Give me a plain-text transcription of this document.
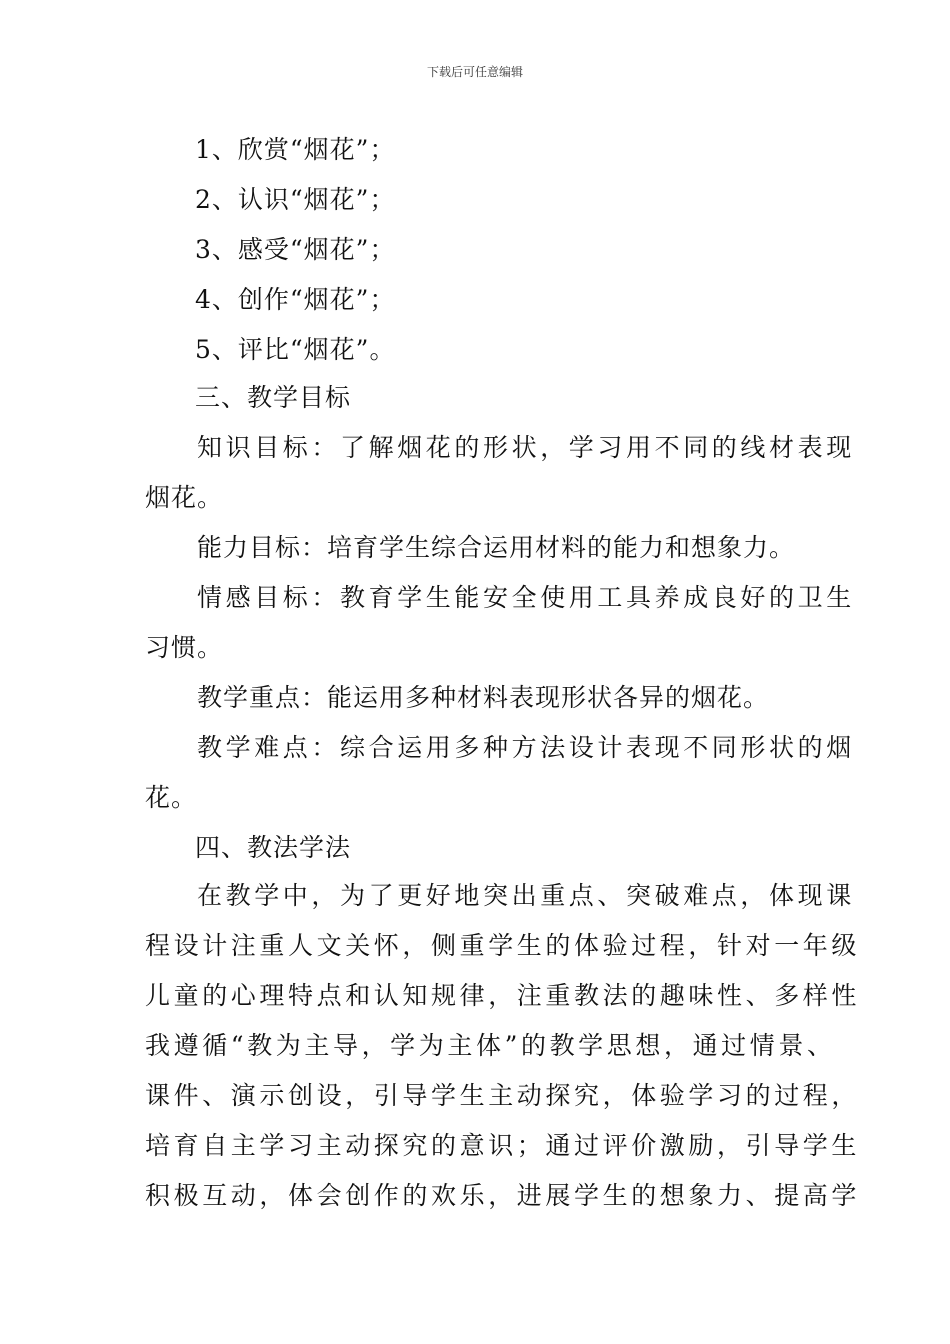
下载后可任意编辑
1、欣赏“烟花”；
2、认识“烟花”；
3、感受“烟花”；
4、创作“烟花”；
5、评比“烟花”。
三、教学目标
知识目标：了解烟花的形状，学习用不同的线材表现
烟花。
能力目标：培育学生综合运用材料的能力和想象力。
情感目标：教育学生能安全使用工具养成良好的卫生
习惯。
教学重点：能运用多种材料表现形状各异的烟花。
教学难点：综合运用多种方法设计表现不同形状的烟
花。
四、教法学法
在教学中，为了更好地突出重点、突破难点，体现课
程设计注重人文关怀，侧重学生的体验过程，针对一年级
儿童的心理特点和认知规律，注重教法的趣味性、多样性
我遵循“教为主导，学为主体”的教学思想，通过情景、
课件、演示创设，引导学生主动探究，体验学习的过程，
培育自主学习主动探究的意识；通过评价激励，引导学生
积极互动，体会创作的欢乐，进展学生的想象力、提高学
